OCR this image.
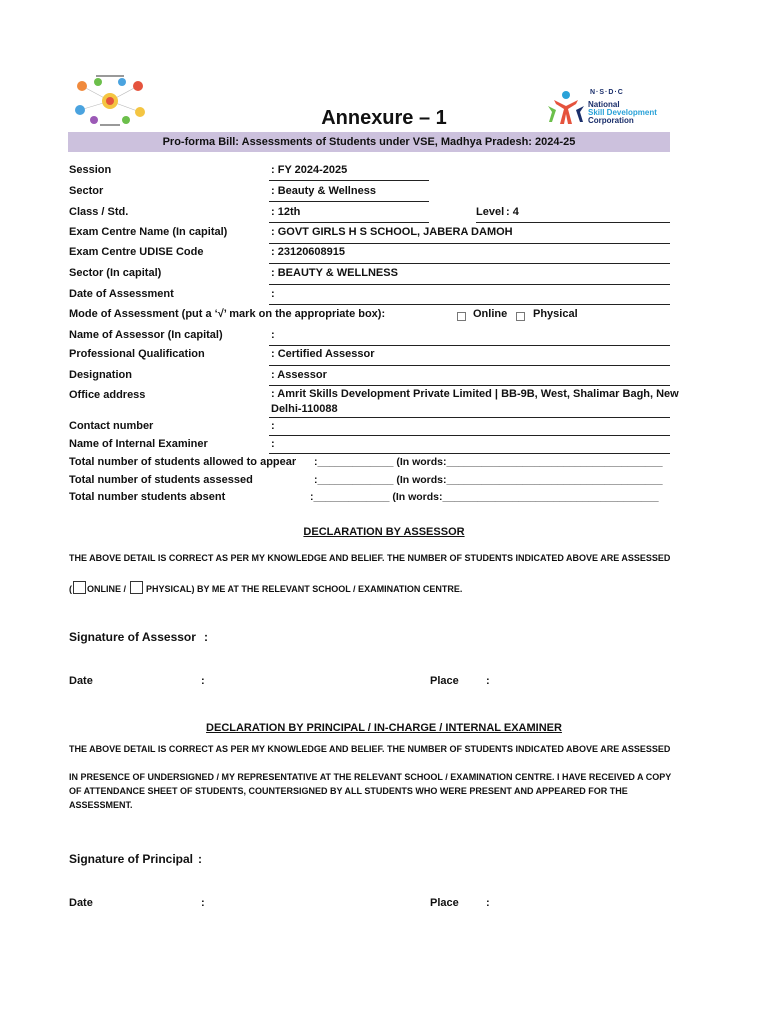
N·S·D·C
National
Skill Development
Corporation
Annexure – 1
Pro-forma Bill: Assessments of Students under VSE, Madhya Pradesh: 2024-25
Session	: FY 2024-2025
Sector	: Beauty & Wellness
Class / Std.	: 12th	Level : 4
Exam Centre Name (In capital)	: GOVT GIRLS H S SCHOOL, JABERA DAMOH
Exam Centre UDISE Code	: 23120608915
Sector (In capital)	: BEAUTY & WELLNESS
Date of Assessment	:
Mode of Assessment (put a ‘√’ mark on the appropriate box):	Online Physical
Name of Assessor (In capital)	:
Professional Qualification	: Certified Assessor
Designation	: Assessor
Office address	: Amrit Skills Development Private Limited | BB-9B, West, Shalimar Bagh, New
Delhi-110088
Contact number	:
Name of Internal Examiner	:
Total number of students allowed to appear :_____________ (In words:_____________________________________
Total number of students assessed	:_____________ (In words:_____________________________________
Total number students absent	:_____________ (In words:_____________________________________
DECLARATION BY ASSESSOR
THE ABOVE DETAIL IS CORRECT AS PER MY KNOWLEDGE AND BELIEF. THE NUMBER OF STUDENTS INDICATED ABOVE ARE ASSESSED
( ONLINE / PHYSICAL) BY ME AT THE RELEVANT SCHOOL / EXAMINATION CENTRE.
Signature of Assessor :
Date	:	Place :
DECLARATION BY PRINCIPAL / IN-CHARGE / INTERNAL EXAMINER
THE ABOVE DETAIL IS CORRECT AS PER MY KNOWLEDGE AND BELIEF. THE NUMBER OF STUDENTS INDICATED ABOVE ARE ASSESSED
IN PRESENCE OF UNDERSIGNED / MY REPRESENTATIVE AT THE RELEVANT SCHOOL / EXAMINATION CENTRE. I HAVE RECEIVED A COPY OF ATTENDANCE SHEET OF STUDENTS, COUNTERSIGNED BY ALL STUDENTS WHO WERE PRESENT AND APPEARED FOR THE ASSESSMENT.
Signature of Principal :
Date	:	Place :
